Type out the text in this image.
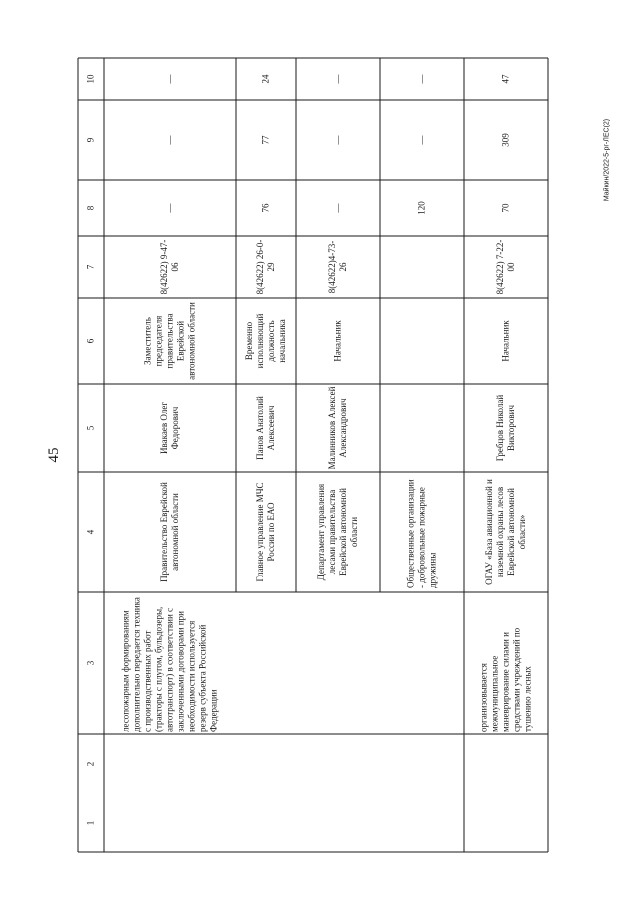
45
Майкин/2022-5-рг-ЛЕС(2)
10
9
8
7
6
5
4
3
2
1
лесопожарным формированиям дополнительно передается техника с производственных работ (тракторы с плугом, бульдозеры, автотранспорт) в соответствии с заключенными договорами при необходимости используется резерв субъекта Российской Федерации
Правительство Еврейской автономной области
Ивакаев Олег Федорович
Заместитель председателя правительства Еврейской автономной области
8(42622) 9-47-06
—
—
—
Главное управление МЧС России по ЕАО
Панов Анатолий Алексеевич
Временно исполняющий должность начальника
8(42622) 26-0-29
76
77
24
Департамент управления лесами правительства Еврейской автономной области
Малинников Алексей Александрович
Начальник
8(42622)4-73-26
—
—
—
Общественные организации - добровольные пожарные дружины
120
—
—
организовывается межмуниципальное маневрирование силами и средствами учреждений по тушению лесных
ОГАУ «База авиационной и наземной охраны лесов Еврейской автономной области»
Гребцов Николай Викторович
Начальник
8(42622) 7-22-00
70
309
47
